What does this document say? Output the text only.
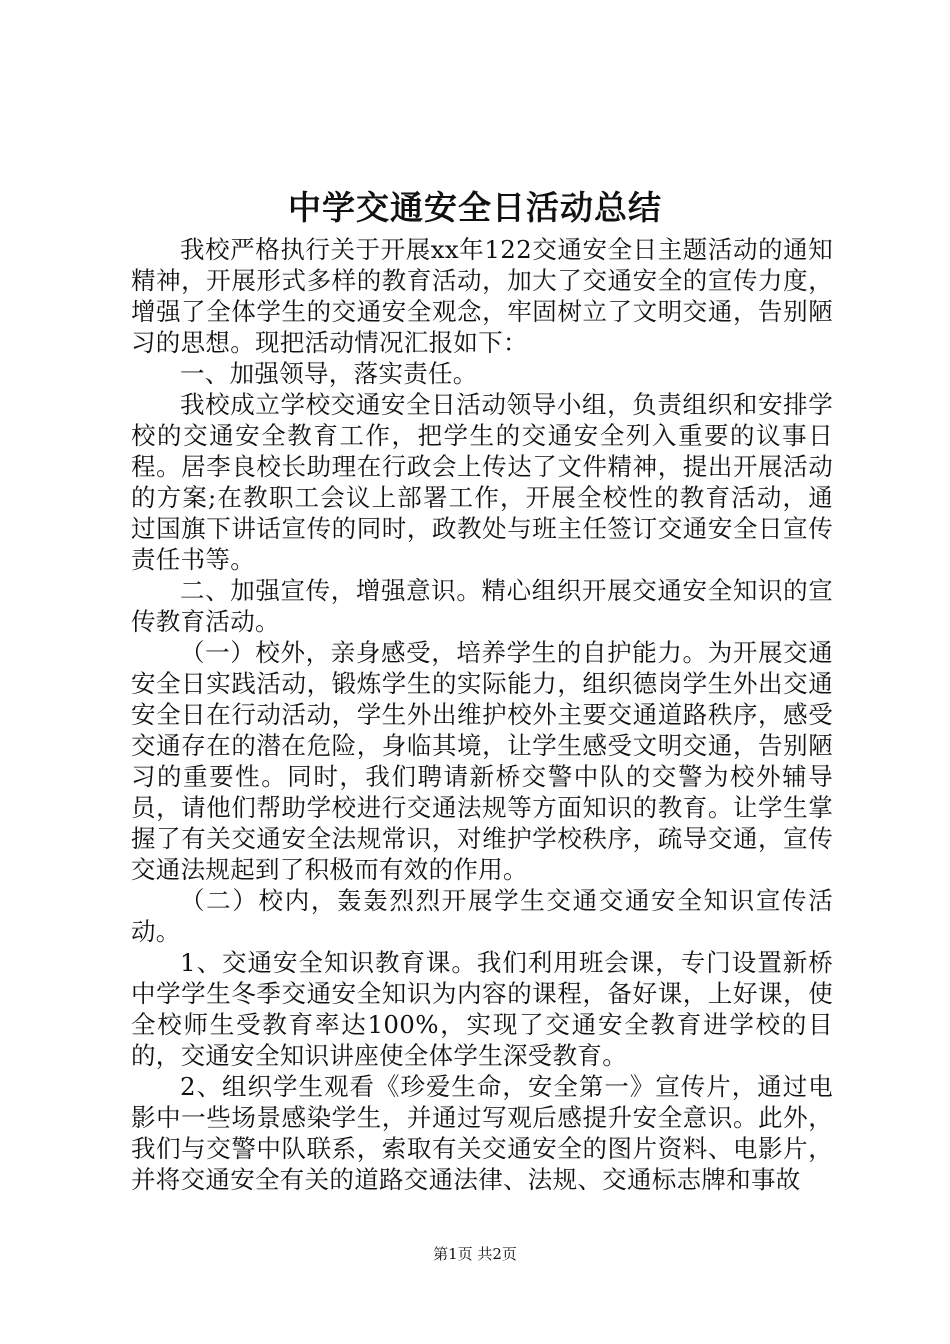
中学交通安全日活动总结

我校严格执行关于开展xx年122交通安全日主题活动的通知精神，开展形式多样的教育活动，加大了交通安全的宣传力度，增强了全体学生的交通安全观念，牢固树立了文明交通，告别陋习的思想。现把活动情况汇报如下：

一、加强领导，落实责任。

我校成立学校交通安全日活动领导小组，负责组织和安排学校的交通安全教育工作，把学生的交通安全列入重要的议事日程。居李良校长助理在行政会上传达了文件精神，提出开展活动的方案;在教职工会议上部署工作，开展全校性的教育活动，通过国旗下讲话宣传的同时，政教处与班主任签订交通安全日宣传责任书等。

二、加强宣传，增强意识。精心组织开展交通安全知识的宣传教育活动。

（一）校外，亲身感受，培养学生的自护能力。为开展交通安全日实践活动，锻炼学生的实际能力，组织德岗学生外出交通安全日在行动活动，学生外出维护校外主要交通道路秩序，感受交通存在的潜在危险，身临其境，让学生感受文明交通，告别陋习的重要性。同时，我们聘请新桥交警中队的交警为校外辅导员，请他们帮助学校进行交通法规等方面知识的教育。让学生掌握了有关交通安全法规常识，对维护学校秩序，疏导交通，宣传交通法规起到了积极而有效的作用。

（二）校内，轰轰烈烈开展学生交通交通安全知识宣传活动。

1、交通安全知识教育课。我们利用班会课，专门设置新桥中学学生冬季交通安全知识为内容的课程，备好课，上好课，使全校师生受教育率达100%，实现了交通安全教育进学校的目的，交通安全知识讲座使全体学生深受教育。

2、组织学生观看《珍爱生命，安全第一》宣传片，通过电影中一些场景感染学生，并通过写观后感提升安全意识。此外，我们与交警中队联系，索取有关交通安全的图片资料、电影片，并将交通安全有关的道路交通法律、法规、交通标志牌和事故

第1页 共2页
